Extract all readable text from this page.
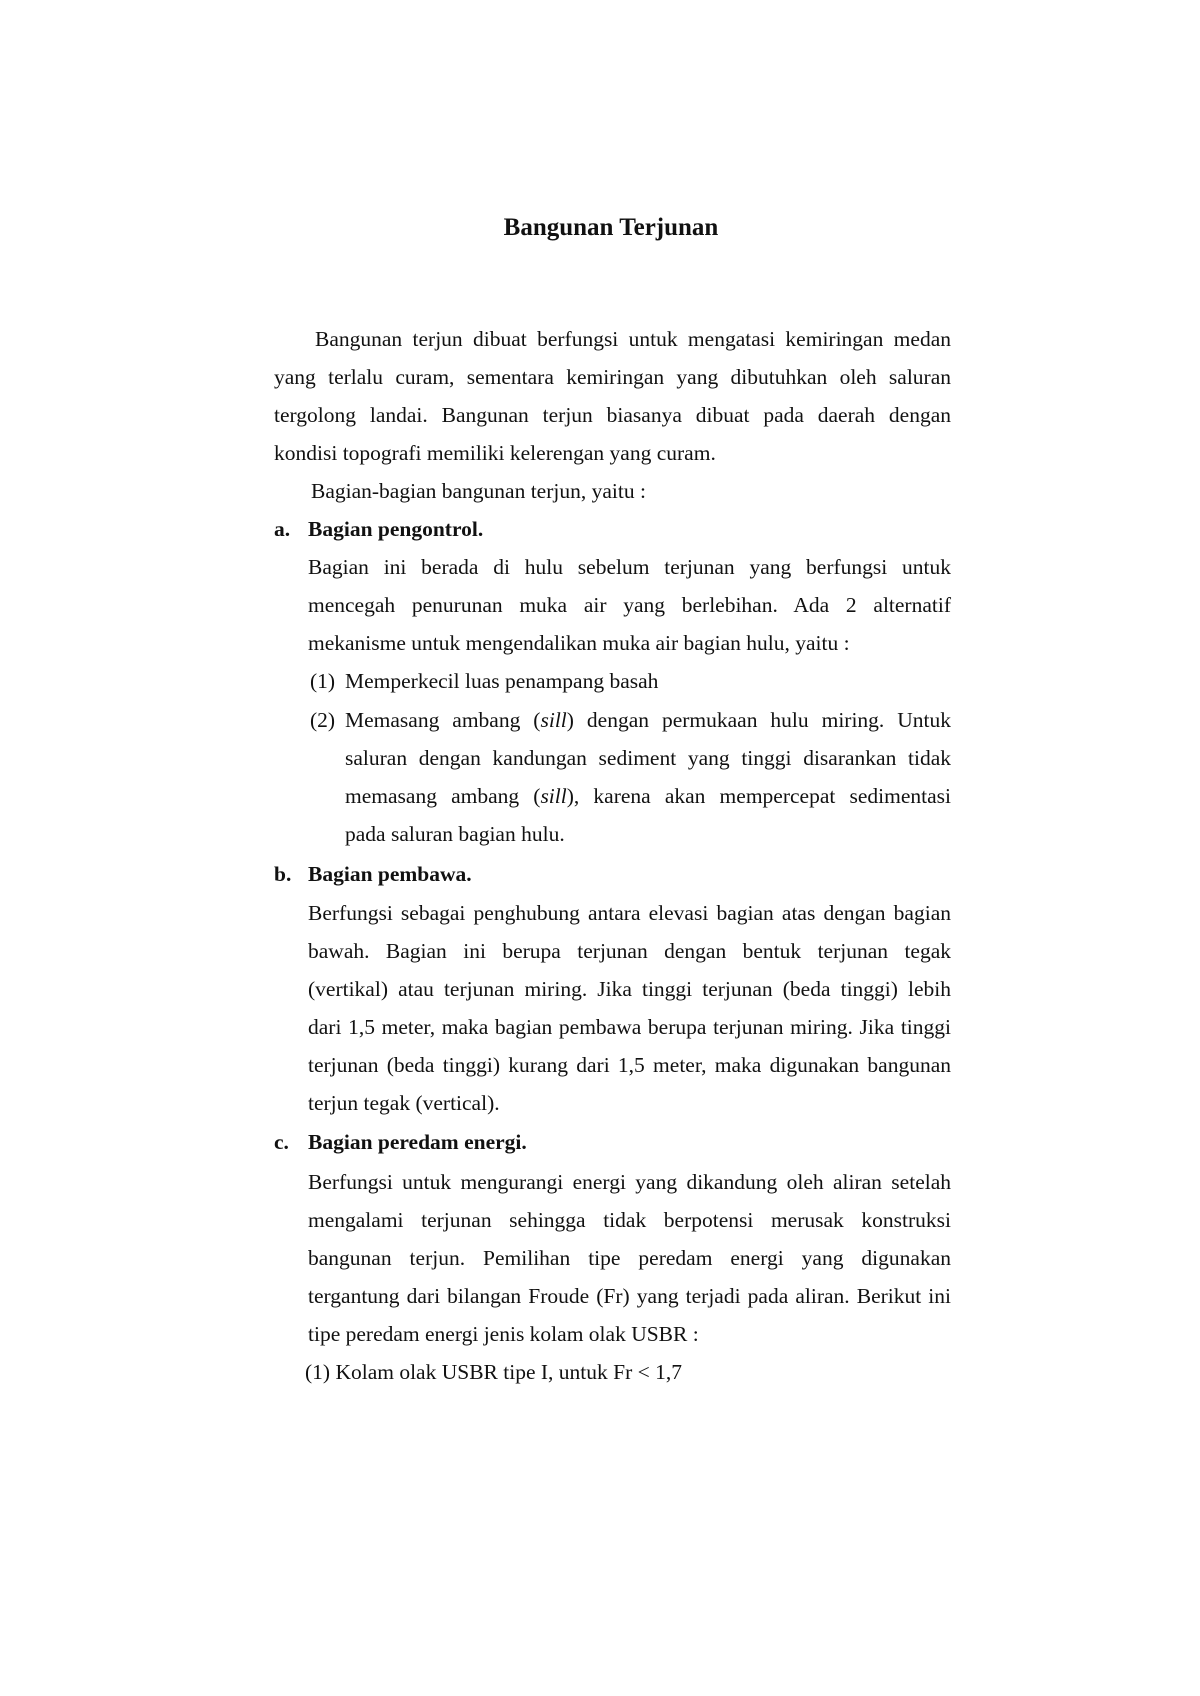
Bangunan Terjunan

Bangunan terjun dibuat berfungsi untuk mengatasi kemiringan medan

yang terlalu curam, sementara kemiringan yang dibutuhkan oleh saluran

tergolong landai. Bangunan terjun biasanya dibuat pada daerah dengan

kondisi topografi memiliki kelerengan yang curam.

Bagian-bagian bangunan terjun, yaitu :

a. Bagian pengontrol.

Bagian ini berada di hulu sebelum terjunan yang berfungsi untuk

mencegah penurunan muka air yang berlebihan. Ada 2 alternatif

mekanisme untuk mengendalikan muka air bagian hulu, yaitu :

(1) Memperkecil luas penampang basah
(2) Memasang ambang (sill) dengan permukaan hulu miring. Untuk

saluran dengan kandungan sediment yang tinggi disarankan tidak

memasang ambang (sill), karena akan mempercepat sedimentasi

pada saluran bagian hulu.

b. Bagian pembawa.

Berfungsi sebagai penghubung antara elevasi bagian atas dengan bagian

bawah. Bagian ini berupa terjunan dengan bentuk terjunan tegak

(vertikal) atau terjunan miring. Jika tinggi terjunan (beda tinggi) lebih

dari 1,5 meter, maka bagian pembawa berupa terjunan miring. Jika tinggi

terjunan (beda tinggi) kurang dari 1,5 meter, maka digunakan bangunan

terjun tegak (vertical).

c. Bagian peredam energi.

Berfungsi untuk mengurangi energi yang dikandung oleh aliran setelah

mengalami terjunan sehingga tidak berpotensi merusak konstruksi

bangunan terjun. Pemilihan tipe peredam energi yang digunakan

tergantung dari bilangan Froude (Fr) yang terjadi pada aliran. Berikut ini

tipe peredam energi jenis kolam olak USBR :

(1) Kolam olak USBR tipe I, untuk Fr < 1,7
